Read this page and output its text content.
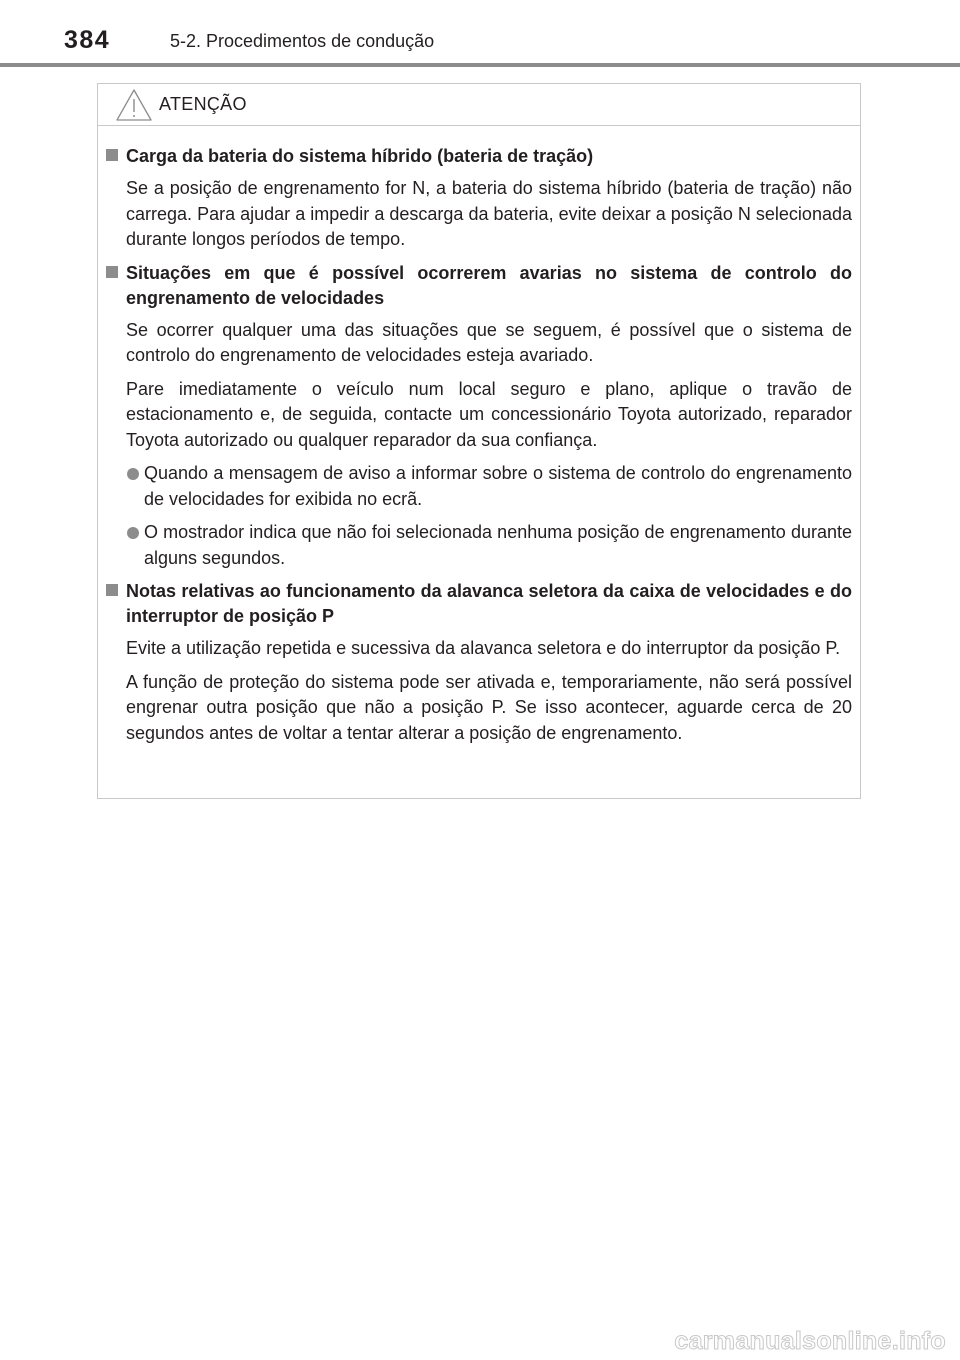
384	5-2. Procedimentos de condução
ATENÇÃO
Carga da bateria do sistema híbrido (bateria de tração)
Se a posição de engrenamento for N, a bateria do sistema híbrido (bateria de tração) não carrega. Para ajudar a impedir a descarga da bateria, evite deixar a posição N selecionada durante longos períodos de tempo.
Situações em que é possível ocorrerem avarias no sistema de controlo do engrenamento de velocidades
Se ocorrer qualquer uma das situações que se seguem, é possível que o sistema de controlo do engrenamento de velocidades esteja avariado.
Pare imediatamente o veículo num local seguro e plano, aplique o travão de estacionamento e, de seguida, contacte um concessionário Toyota autorizado, reparador Toyota autorizado ou qualquer reparador da sua confiança.
Quando a mensagem de aviso a informar sobre o sistema de controlo do engrenamento de velocidades for exibida no ecrã.
O mostrador indica que não foi selecionada nenhuma posição de engrenamento durante alguns segundos.
Notas relativas ao funcionamento da alavanca seletora da caixa de velocidades e do interruptor de posição P
Evite a utilização repetida e sucessiva da alavanca seletora e do interruptor da posição P.
A função de proteção do sistema pode ser ativada e, temporariamente, não será possível engrenar outra posição que não a posição P. Se isso acontecer, aguarde cerca de 20 segundos antes de voltar a tentar alterar a posição de engrenamento.
carmanualsonline.info
